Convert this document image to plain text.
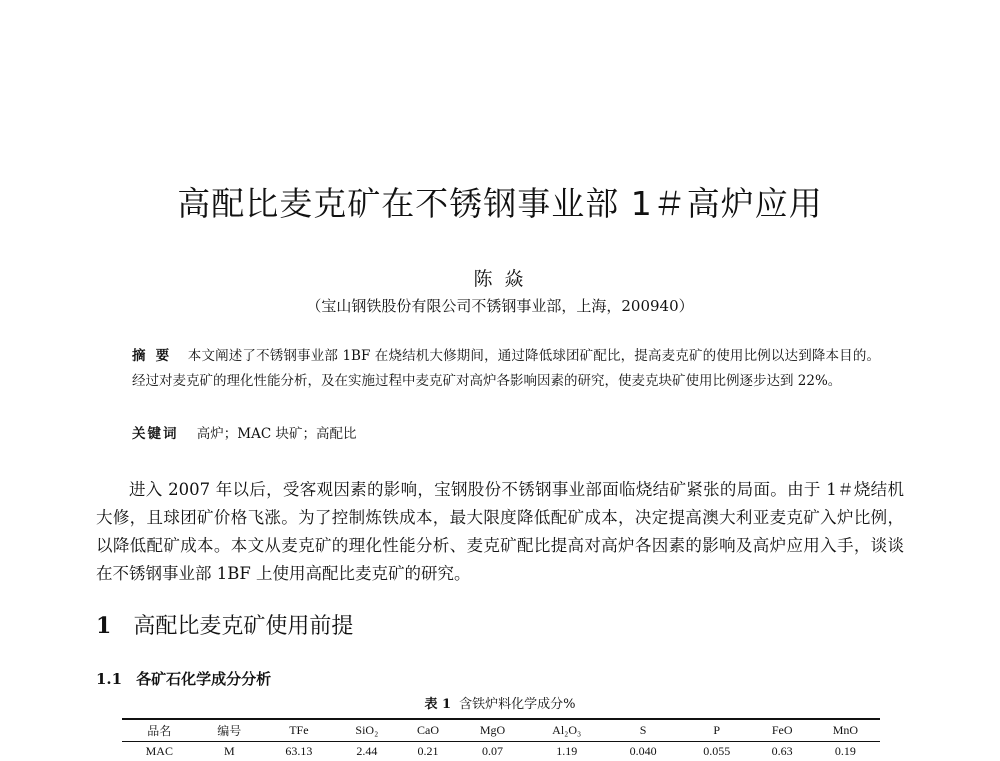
高配比麦克矿在不锈钢事业部 1＃高炉应用
陈 焱
（宝山钢铁股份有限公司不锈钢事业部，上海，200940）
摘要 本文阐述了不锈钢事业部 1BF 在烧结机大修期间，通过降低球团矿配比，提高麦克矿的使用比例以达到降本目的。经过对麦克矿的理化性能分析，及在实施过程中麦克矿对高炉各影响因素的研究，使麦克块矿使用比例逐步达到 22%。
关键词 高炉；MAC 块矿；高配比
进入 2007 年以后，受客观因素的影响，宝钢股份不锈钢事业部面临烧结矿紧张的局面。由于 1＃烧结机大修，且球团矿价格飞涨。为了控制炼铁成本，最大限度降低配矿成本，决定提高澳大利亚麦克矿入炉比例，以降低配矿成本。本文从麦克矿的理化性能分析、麦克矿配比提高对高炉各因素的影响及高炉应用入手，谈谈在不锈钢事业部 1BF 上使用高配比麦克矿的研究。
1 高配比麦克矿使用前提
1.1 各矿石化学成分分析
表 1 含铁炉料化学成分%
品名	编号	TFe	SiO₂	CaO	MgO	Al₂O₃	S	P	FeO	MnO
MAC	M	63.13	2.44	0.21	0.07	1.19	0.040	0.055	0.63	0.19
